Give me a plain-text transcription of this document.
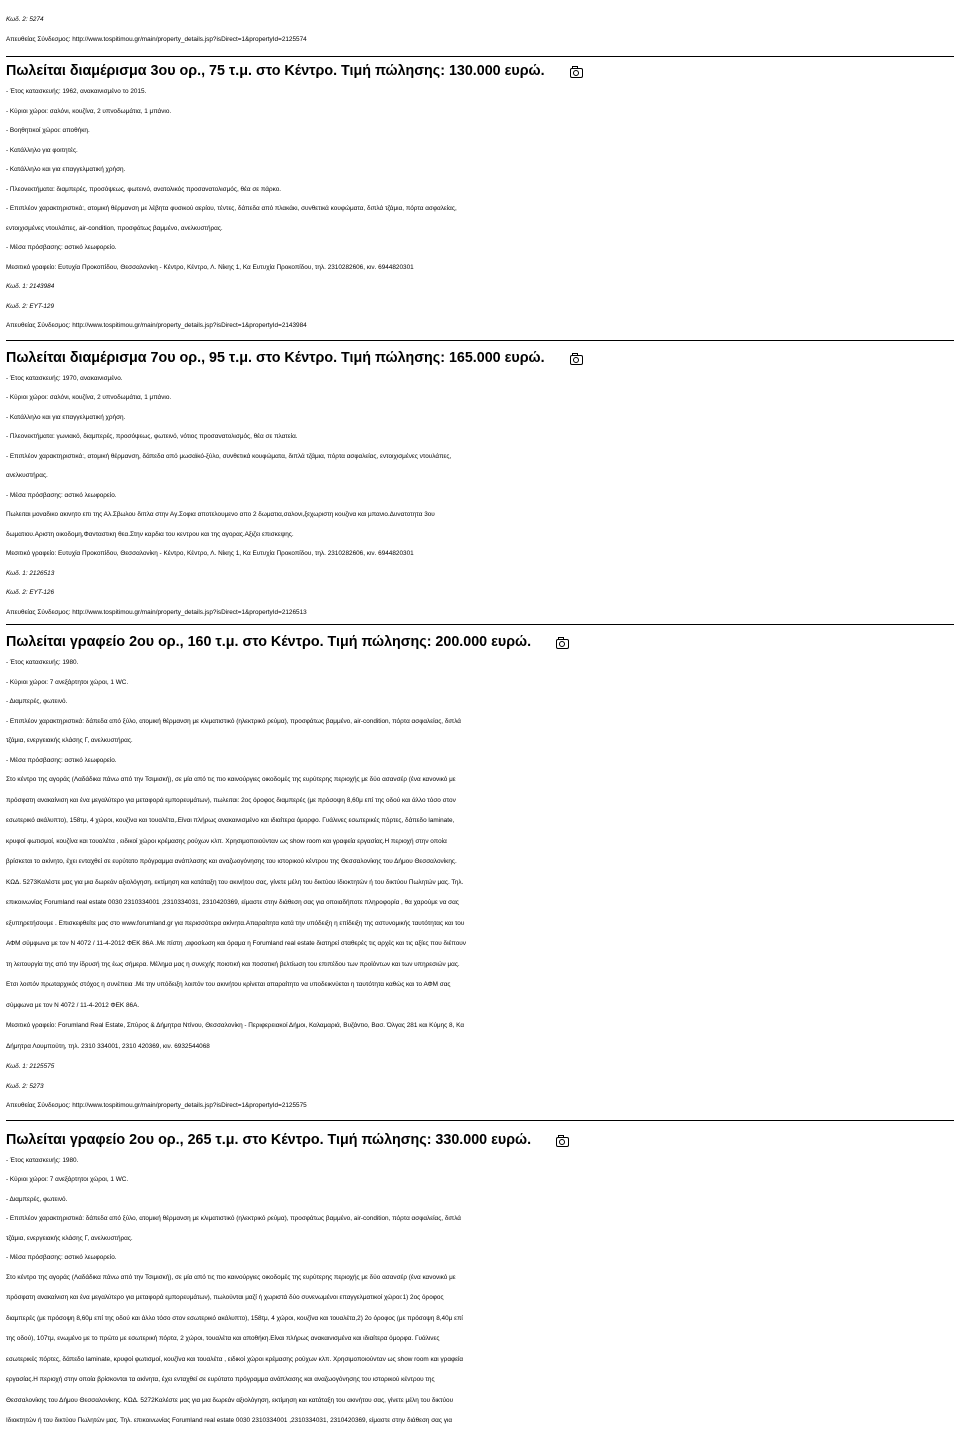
Κωδ. 2: 5274
Απευθείας Σύνδεσμος: http://www.tospitimou.gr/main/property_details.jsp?isDirect=1&propertyId=2125574
Πωλείται διαμέρισμα 3ου ορ., 75 τ.μ. στο Κέντρο. Τιμή πώλησης: 130.000 ευρώ.
- Έτος κατασκευής: 1962, ανακαινισμένο το 2015.
- Κύριοι χώροι: σαλόνι, κουζίνα, 2 υπνοδωμάτια, 1 μπάνιο.
- Βοηθητικοί χώροι: αποθήκη.
- Κατάλληλο για φοιτητές.
- Κατάλληλο και για επαγγελματική χρήση.
- Πλεονεκτήματα: διαμπερές, προσόψεως, φωτεινό, ανατολικός προσανατολισμός, θέα σε πάρκο.
- Επιπλέον χαρακτηριστικά:, ατομική θέρμανση με λέβητα φυσικού αερίου, τέντες, δάπεδα από πλακάκι, συνθετικά κουφώματα, διπλά τζάμια, πόρτα ασφαλείας,
εντοιχισμένες ντουλάπες, air-condition, προσφάτως βαμμένο, ανελκυστήρας.
- Μέσα πρόσβασης: αστικό λεωφορείο.
Μεσιτικό γραφείο: Ευτυχία Προκοπίδου, Θεσσαλονίκη - Κέντρο, Κέντρο, Λ. Νίκης 1, Κα Ευτυχία Προκοπίδου, τηλ. 2310282606, κιν. 6944820301
Κωδ. 1: 2143984
Κωδ. 2: ΕΥΤ-129
Απευθείας Σύνδεσμος: http://www.tospitimou.gr/main/property_details.jsp?isDirect=1&propertyId=2143984
Πωλείται διαμέρισμα 7ου ορ., 95 τ.μ. στο Κέντρο. Τιμή πώλησης: 165.000 ευρώ.
- Έτος κατασκευής: 1970, ανακαινισμένο.
- Κύριοι χώροι: σαλόνι, κουζίνα, 2 υπνοδωμάτια, 1 μπάνιο.
- Κατάλληλο και για επαγγελματική χρήση.
- Πλεονεκτήματα: γωνιακό, διαμπερές, προσόψεως, φωτεινό, νότιος προσανατολισμός, θέα σε πλατεία.
- Επιπλέον χαρακτηριστικά:, ατομική θέρμανση, δάπεδα από μωσαϊκό-ξύλο, συνθετικά κουφώματα, διπλά τζάμια, πόρτα ασφαλείας, εντοιχισμένες ντουλάπες,
ανελκυστήρας.
- Μέσα πρόσβασης: αστικό λεωφορείο.
Πωλειται μοναδικο ακινητο επι της Αλ.Σβωλου διπλα στην Αγ.Σοφια αποτελουμενο απο 2 δωματια,σαλονι,ξεχωριστη κουζινα και μπανιο.Δυνατοτητα 3ου
δωματιου.Αριστη οικοδομη,Φανταστικη θεα.Στην καρδια του κεντρου και της αγορας.Αξιζει επισκεψης.
Μεσιτικό γραφείο: Ευτυχία Προκοπίδου, Θεσσαλονίκη - Κέντρο, Κέντρο, Λ. Νίκης 1, Κα Ευτυχία Προκοπίδου, τηλ. 2310282606, κιν. 6944820301
Κωδ. 1: 2126513
Κωδ. 2: ΕΥΤ-126
Απευθείας Σύνδεσμος: http://www.tospitimou.gr/main/property_details.jsp?isDirect=1&propertyId=2126513
Πωλείται γραφείο 2ου ορ., 160 τ.μ. στο Κέντρο. Τιμή πώλησης: 200.000 ευρώ.
- Έτος κατασκευής: 1980.
- Κύριοι χώροι: 7 ανεξάρτητοι χώροι, 1 WC.
- Διαμπερές, φωτεινό.
- Επιπλέον χαρακτηριστικά: δάπεδα από ξύλο, ατομική θέρμανση με κλιματιστικό (ηλεκτρικό ρεύμα), προσφάτως βαμμένο, air-condition, πόρτα ασφαλείας, διπλά
τζάμια, ενεργειακής κλάσης Γ, ανελκυστήρας.
- Μέσα πρόσβασης: αστικό λεωφορείο.
Στο κέντρο της αγοράς (Λαδάδικα πάνω από την Τσιμισκή), σε μία από τις πιο καινούργιες οικοδομές της ευρύτερης περιοχής με δύο ασανσέρ (ένα κανονικό με
πρόσφατη ανακαίνιση και ένα μεγαλύτερο για μεταφορά εμπορευμάτων), πωλειται: 2ος όροφος διαμπερές (με πρόσοψη 8,60μ επί της οδού και άλλο τόσο στον
εσωτερικό ακάλυπτο), 158τμ, 4 χώροι, κουζίνα και τουαλέτα,.Είναι πλήρως ανακαινισμένο και ιδιαίτερα όμορφο. Γυάλινες εσωτερικές πόρτες, δάπεδο laminate,
κρυφοί φωτισμοί, κουζίνα και τουαλέτα , ειδικοί χώροι κρέμασης ρούχων κλπ. Χρησιμοποιούνταν ως show room και γραφεία εργασίας.Η περιοχή στην οποία
βρίσκεται το ακίνητο, έχει ενταχθεί σε ευρύτατο πρόγραμμα ανάπλασης και αναζωογόνησης του ιστορικού κέντρου της Θεσσαλονίκης του Δήμου Θεσσαλονίκης.
ΚΩΔ. 5273Καλέστε μας για μια δωρεάν αξιολόγηση, εκτίμηση και κατάταξη του ακινήτου σας, γίνετε μέλη του δικτύου Ιδιοκτητών ή του δικτύου Πωλητών μας. Τηλ.
επικοινωνίας Forumland real estate 0030 2310334001 ,2310334031, 2310420369, είμαστε στην διάθεση σας για οποιαδήποτε πληροφορία , θα χαρούμε να σας
εξυπηρετήσουμε . Επισκεφθείτε μας στο www.forumland.gr για περισσότερα ακίνητα.Απαραίτητα κατά την υπόδειξη η επίδειξη της αστυνομικής ταυτότητας και του
ΑΦΜ σύμφωνα με τον Ν 4072 / 11-4-2012 ΦΕΚ 86Α .Με πίστη ,αφοσίωση και όραμα η Forumland real estate διατηρεί σταθερές τις αρχές και τις αξίες που διέπουν
τη λειτουργία της από την ίδρυσή της έως σήμερα. Μέλημα μας η συνεχής ποιοτική και ποσοτική βελτίωση του επιπέδου των προϊόντων και των υπηρεσιών μας.
Ετσι λοιπόν πρωταρχικός στόχος η συνέπεια .Με την υπόδειξη λοιπόν του ακινήτου κρίνεται απαραίτητο να υποδεικνύεται η ταυτότητα καθώς και το ΑΦΜ σας
σύμφωνα με τον Ν 4072 / 11-4-2012 ΦΕΚ 86Α.
Μεσιτικό γραφείο: Forumland Real Estate, Σπύρος & Δήμητρα Ντίνου, Θεσσαλονίκη - Περιφερειακοί Δήμοι, Καλαμαριά, Βυζάντιο, Βασ. Όλγας 281 και Κύμης 8, Κα
Δήμητρα Λουμπούτη, τηλ. 2310 334001, 2310 420369, κιν. 6932544068
Κωδ. 1: 2125575
Κωδ. 2: 5273
Απευθείας Σύνδεσμος: http://www.tospitimou.gr/main/property_details.jsp?isDirect=1&propertyId=2125575
Πωλείται γραφείο 2ου ορ., 265 τ.μ. στο Κέντρο. Τιμή πώλησης: 330.000 ευρώ.
- Έτος κατασκευής: 1980.
- Κύριοι χώροι: 7 ανεξάρτητοι χώροι, 1 WC.
- Διαμπερές, φωτεινό.
- Επιπλέον χαρακτηριστικά: δάπεδα από ξύλο, ατομική θέρμανση με κλιματιστικό (ηλεκτρικό ρεύμα), προσφάτως βαμμένο, air-condition, πόρτα ασφαλείας, διπλά
τζάμια, ενεργειακής κλάσης Γ, ανελκυστήρας.
- Μέσα πρόσβασης: αστικό λεωφορείο.
Στο κέντρο της αγοράς (Λαδάδικα πάνω από την Τσιμισκή), σε μία από τις πιο καινούργιες οικοδομές της ευρύτερης περιοχής με δύο ασανσέρ (ένα κανονικό με
πρόσφατη ανακαίνιση και ένα μεγαλύτερο για μεταφορά εμπορευμάτων), πωλούνται μαζί ή χωριστά δύο συνενωμένοι επαγγελματικοί χώροι:1) 2ος όροφος
διαμπερές (με πρόσοψη 8,60μ επί της οδού και άλλο τόσο στον εσωτερικό ακάλυπτο), 158τμ, 4 χώροι, κουζίνα και τουαλέτα,2) 2ο όροφος (με πρόσοψη 8,40μ επί
της οδού), 107τμ, ενωμένο με το πρώτο με εσωτερική πόρτα, 2 χώροι, τουαλέτα και αποθήκη.Είναι πλήρως ανακαινισμένα και ιδιαίτερα όμορφα. Γυάλινες
εσωτερικές πόρτες, δάπεδο laminate, κρυφοί φωτισμοί, κουζίνα και τουαλέτα , ειδικοί χώροι κρέμασης ρούχων κλπ. Χρησιμοποιούνταν ως show room και γραφεία
εργασίας.Η περιοχή στην οποία βρίσκονται τα ακίνητα, έχει ενταχθεί σε ευρύτατο πρόγραμμα ανάπλασης και αναζωογόνησης του ιστορικού κέντρου της
Θεσσαλονίκης του Δήμου Θεσσαλονίκης. ΚΩΔ. 5272Καλέστε μας για μια δωρεάν αξιολόγηση, εκτίμηση και κατάταξη του ακινήτου σας, γίνετε μέλη του δικτύου
Ιδιοκτητών ή του δικτύου Πωλητών μας. Τηλ. επικοινωνίας Forumland real estate 0030 2310334001 ,2310334031, 2310420369, είμαστε στην διάθεση σας για
